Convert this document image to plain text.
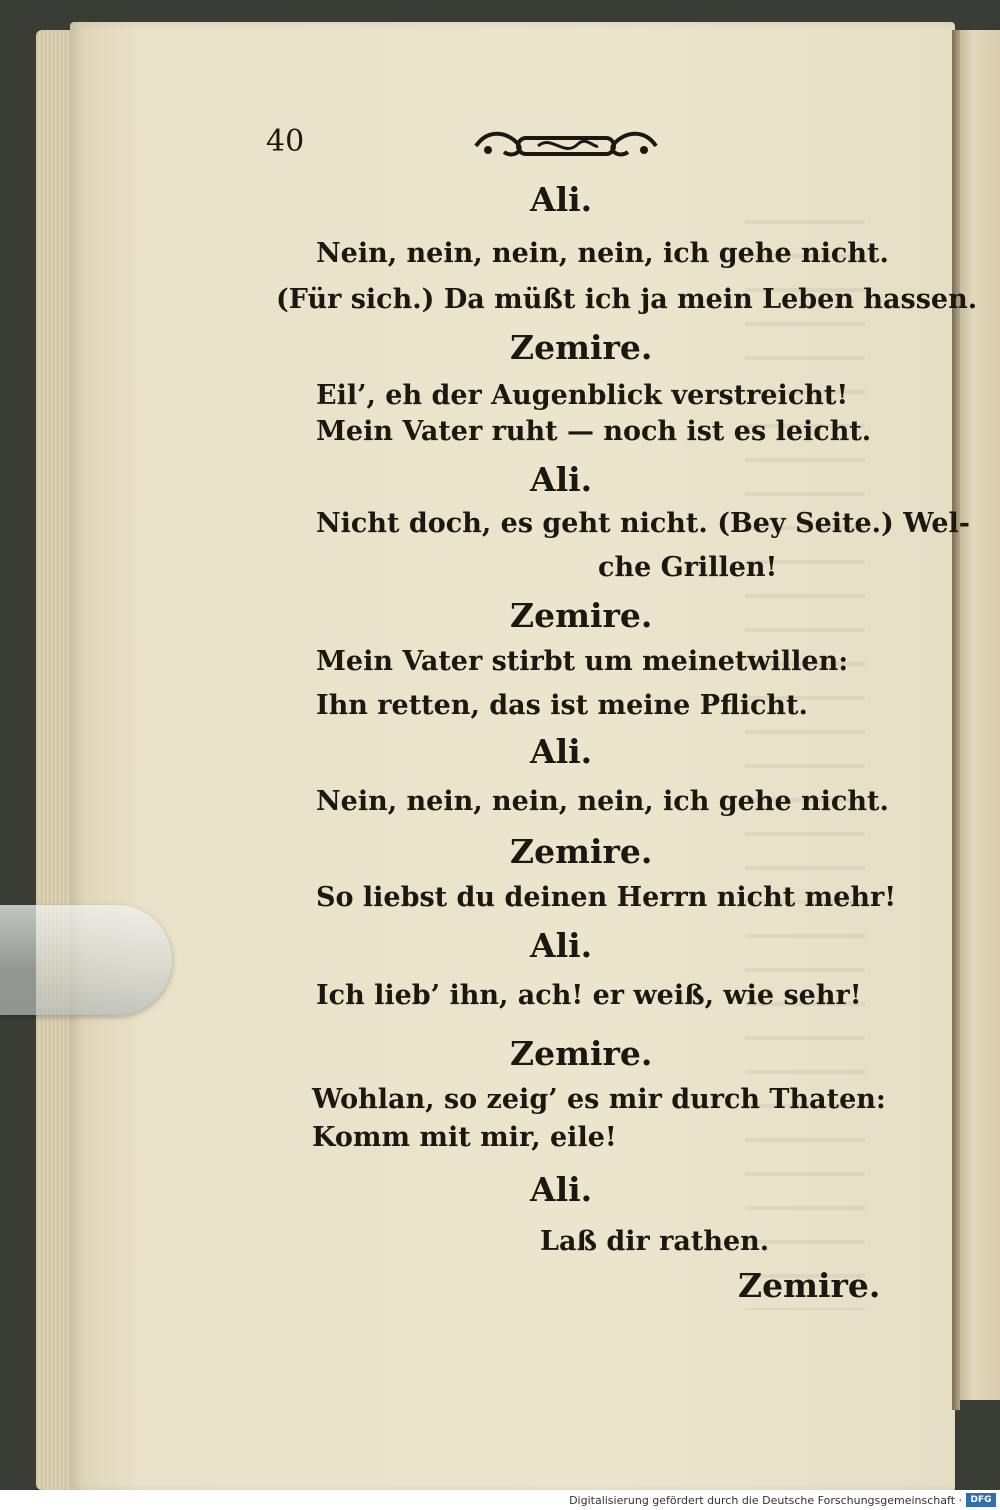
40
Ali.
Nein, nein, nein, nein, ich gehe nicht.
(Für sich.) Da müßt ich ja mein Leben hassen.
Zemire.
Eil’, eh der Augenblick verstreicht!
Mein Vater ruht — noch ist es leicht.
Ali.
Nicht doch, es geht nicht. (Bey Seite.) Wel-
che Grillen!
Zemire.
Mein Vater stirbt um meinetwillen:
Ihn retten, das ist meine Pflicht.
Ali.
Nein, nein, nein, nein, ich gehe nicht.
Zemire.
So liebst du deinen Herrn nicht mehr!
Ali.
Ich lieb’ ihn, ach! er weiß, wie sehr!
Zemire.
Wohlan, so zeig’ es mir durch Thaten:
Komm mit mir, eile!
Ali.
Laß dir rathen.
Zemire.
Digitalisierung gefördert durch die Deutsche Forschungsgemeinschaft · DFG
